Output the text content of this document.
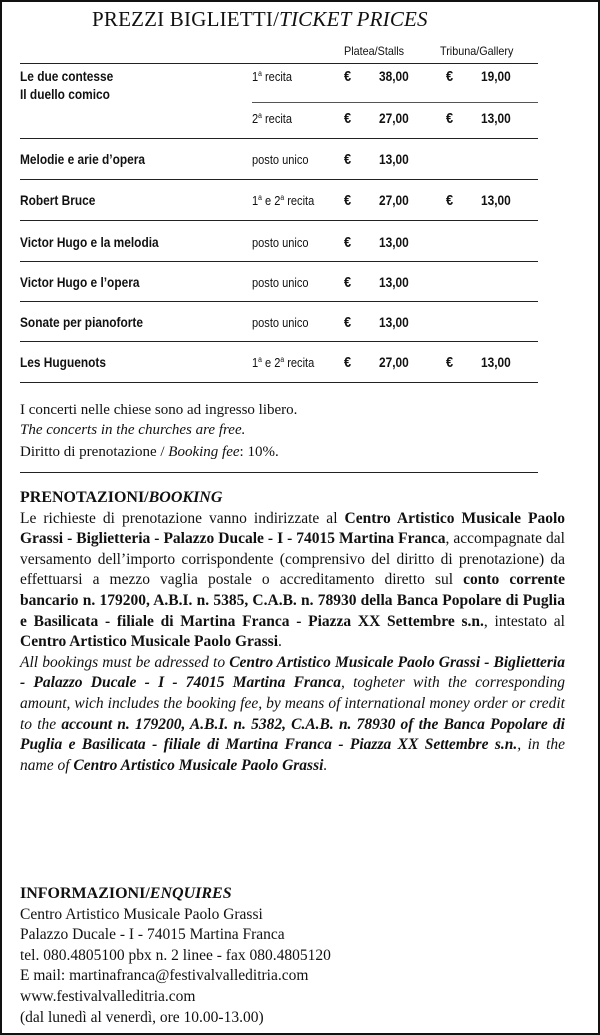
PREZZI BIGLIETTI/TICKET PRICES
Platea/Stalls	Tribuna/Gallery
Le due contesse
Il duello comico
1$^a$ recita	€ 38,00 € 19,00
2$^a$ recita	€ 27,00 € 13,00
Melodie e arie d’opera	posto unico € 13,00
Robert Bruce	1$^a$ e 2$^a$ recita € 27,00 € 13,00
Victor Hugo e la melodia	posto unico € 13,00
Victor Hugo e l’opera	posto unico € 13,00
Sonate per pianoforte	posto unico € 13,00
Les Huguenots	1$^a$ e 2$^a$ recita € 27,00 € 13,00
I concerti nelle chiese sono ad ingresso libero.
The concerts in the churches are free.
Diritto di prenotazione / Booking fee: 10%.
PRENOTAZIONI/BOOKING

Le richieste di prenotazione vanno indirizzate al Centro Artistico Musicale Paolo Grassi - Biglietteria - Palazzo Ducale - I - 74015 Martina Franca, accompagnate dal versamento dell’importo corrispondente (comprensivo del diritto di prenotazione) da effettuarsi a mezzo vaglia postale o accreditamento diretto sul conto corrente bancario n. 179200, A.B.I. n. 5385, C.A.B. n. 78930 della Banca Popolare di Puglia e Basilicata - filiale di Martina Franca - Piazza XX Settembre s.n., intestato al Centro Artistico Musicale Paolo Grassi.

All bookings must be adressed to Centro Artistico Musicale Paolo Grassi - Biglietteria - Palazzo Ducale - I - 74015 Martina Franca, togheter with the corresponding amount, wich includes the booking fee, by means of international money order or credit to the account n. 179200, A.B.I. n. 5382, C.A.B. n. 78930 of the Banca Popolare di Puglia e Basilicata - filiale di Martina Franca - Piazza XX Settembre s.n., in the name of Centro Artistico Musicale Paolo Grassi.

INFORMAZIONI/ENQUIRES
Centro Artistico Musicale Paolo Grassi
Palazzo Ducale - I - 74015 Martina Franca
tel. 080.4805100 pbx n. 2 linee - fax 080.4805120
E mail: martinafranca@festivalvalleditria.com
www.festivalvalleditria.com
(dal lunedì al venerdì, ore 10.00-13.00)
